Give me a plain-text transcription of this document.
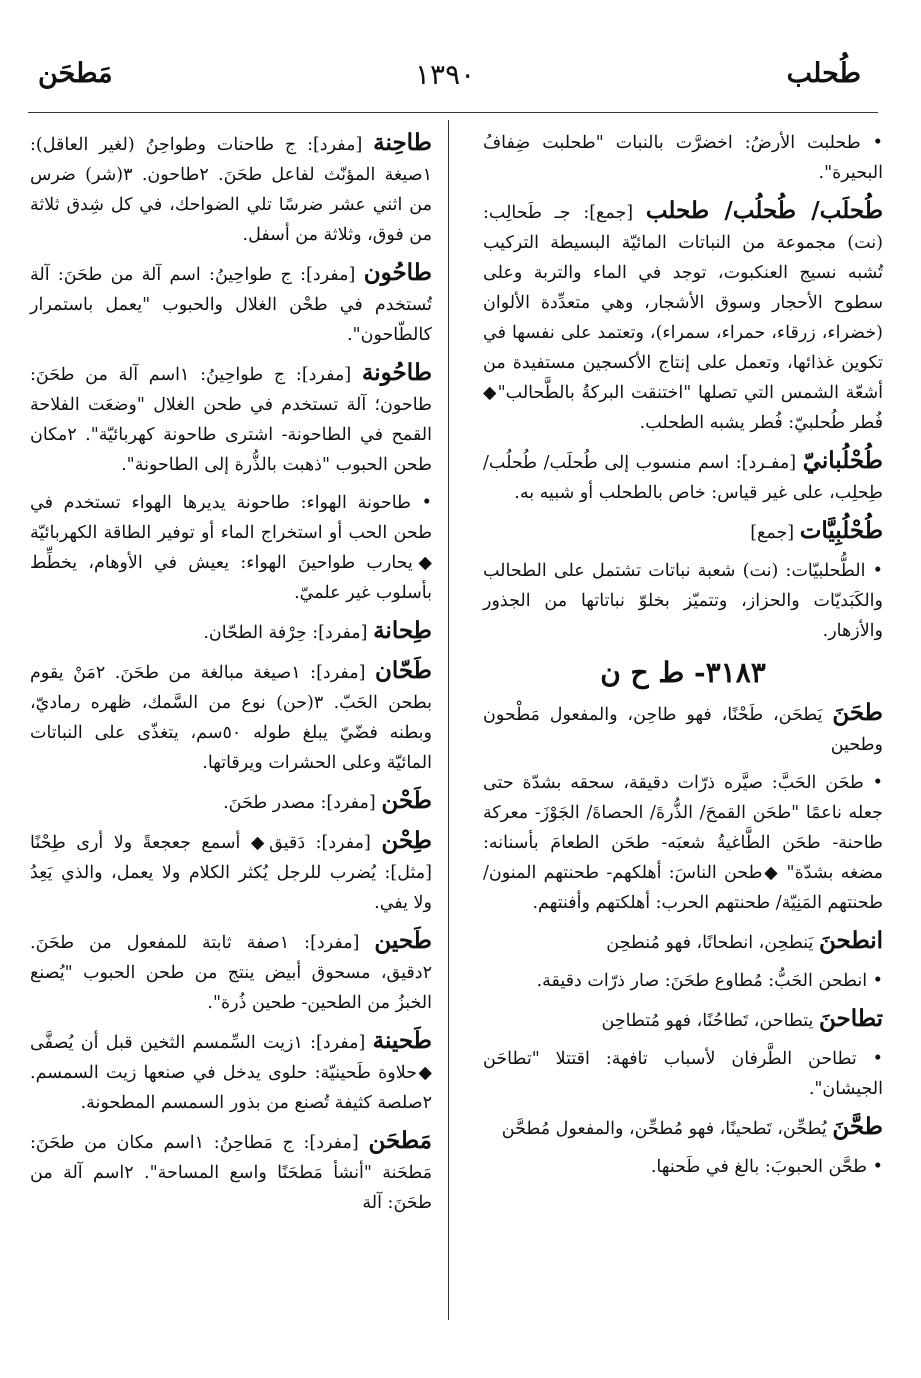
طُحلب
١٣٩٠
مَطحَن
• طحلبت الأرضُ: اخضرَّت بالنبات "طحلبت ضِفافُ البحيرة".
طُحلَب/ طُحلُب/ طحلب [جمع]: جـ طَحالِب: (نت) مجموعة من النباتات المائيّة البسيطة التركيب تُشبه نسيج العنكبوت، توجد في الماء والتربة وعلى سطوح الأحجار وسوق الأشجار، وهي متعدِّدة الألوان (خضراء، زرقاء، حمراء، سمراء)، وتعتمد على نفسها في تكوين غذائها، وتعمل على إنتاج الأكسجين مستفيدة من أشعّة الشمس التي تصلها "اختنقت البركةُ بالطَّحالب"◆ فُطر طُحلبيّ: فُطر يشبه الطحلب.
طُحْلُبانيّ [مفـرد]: اسم منسوب إلى طُحلَب/ طُحلُب/ طِحلِب، على غير قياس: خاص بالطحلب أو شبيه به.
طُحْلُبِيَّات [جمع]
• الطُّحلبيّات: (نت) شعبة نباتات تشتمل على الطحالب والكَبَديّات والحزاز، وتتميّز بخلوّ نباتاتها من الجذور والأزهار.
٣١٨٣- ط ح ن
طحَنَ يَطحَن، طَحْنًا، فهو طاحِن، والمفعول مَطْحون وطحين
• طحَن الحَبَّ: صيَّره ذرّات دقيقة، سحقه بشدّة حتى جعله ناعمًا "طحَن القمحَ/ الذُّرةَ/ الحصاةَ/ الجَوْزَ- معركة طاحنة- طحَن الطَّاغيةُ شعبَه- طحَن الطعامَ بأسنانه: مضغه بشدّة" ◆طحن الناسَ: أهلكهم- طحنتهم المنون/ طحنتهم المَنِيّة/ طحنتهم الحرب: أهلكتهم وأفنتهم.
انطحنَ يَنطحِن، انطحانًا، فهو مُنطحِن
• انطحن الحَبُّ: مُطاوع طحَنَ: صار ذرّات دقيقة.
تطاحنَ يتطاحن، تَطاحُنًا، فهو مُتطاحِن
• تطاحن الطَّرفان لأسباب تافهة: اقتتلا "تطاحَن الجيشان".
طحَّنَ يُطحِّن، تَطحينًا، فهو مُطحِّن، والمفعول مُطحَّن
• طحَّن الحبوبَ: بالغ في طَحنها.
طاحِنة [مفرد]: ج طاحنات وطواحِنُ (لغير العاقل): ١صيغة المؤنّث لفاعل طحَنَ. ٢طاحون. ٣(شر) ضرس من اثني عشر ضرسًا تلي الضواحك، في كل شِدق ثلاثة من فوق، وثلاثة من أسفل.
طاحُون [مفرد]: ج طواحِينُ: اسم آلة من طحَنَ: آلة تُستخدم في طحْن الغلال والحبوب "يعمل باستمرار كالطّاحون".
طاحُونة [مفرد]: ج طواحِينُ: ١اسم آلة من طحَنَ: طاحون؛ آلة تستخدم في طحن الغلال "وضعَت الفلاحة القمح في الطاحونة- اشترى طاحونة كهربائيّة". ٢مكان طحن الحبوب "ذهبت بالذُّرة إلى الطاحونة".
• طاحونة الهواء: طاحونة يديرها الهواء تستخدم في طحن الحب أو استخراج الماء أو توفير الطاقة الكهربائيّة ◆يحارب طواحينَ الهواء: يعيش في الأوهام، يخطِّط بأسلوب غير علميّ.
طِحانة [مفرد]: حِرْفة الطحّان.
طَحّان [مفرد]: ١صيغة مبالغة من طحَنَ. ٢مَنْ يقوم بطحن الحَبّ. ٣(حن) نوع من السَّمك، ظهره رماديّ، وبطنه فضّيّ يبلغ طوله ٥٠سم، يتغذّى على النباتات المائيّة وعلى الحشرات ويرقاتها.
طَحْن [مفرد]: مصدر طحَنَ.
طِحْن [مفرد]: دَقيق◆ أسمع جعجعةً ولا أرى طِحْنًا [مثل]: يُضرب للرجل يُكثر الكلام ولا يعمل، والذي يَعِدُ ولا يفي.
طَحين [مفرد]: ١صفة ثابتة للمفعول من طحَنَ. ٢دقيق، مسحوق أبيض ينتج من طحن الحبوب "يُصنع الخبزُ من الطحين- طحين ذُرة".
طَحينة [مفرد]: ١زيت السِّمسم الثخين قبل أن يُصفَّى ◆حلاوة طَحينيّة: حلوى يدخل في صنعها زيت السمسم. ٢صلصة كثيفة تُصنع من بذور السمسم المطحونة.
مَطحَن [مفرد]: ج مَطاحِنُ: ١اسم مكان من طحَنَ: مَطحَنة "أنشأ مَطحَنًا واسع المساحة". ٢اسم آلة من طحَنَ: آلة
